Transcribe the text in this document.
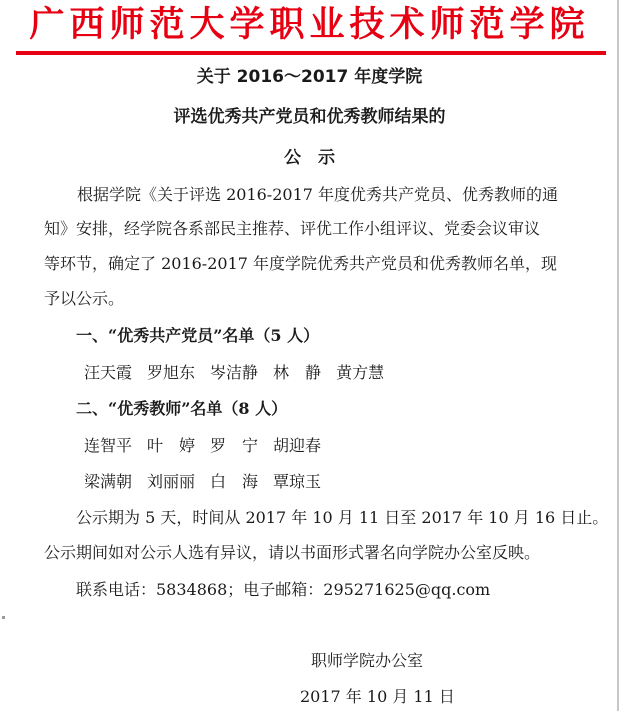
广西师范大学职业技术师范学院
关于 2016～2017 年度学院
评选优秀共产党员和优秀教师结果的
公　示
根据学院《关于评选 2016-2017 年度优秀共产党员、优秀教师的通
知》安排，经学院各系部民主推荐、评优工作小组评议、党委会议审议
等环节，确定了 2016-2017 年度学院优秀共产党员和优秀教师名单，现
予以公示。
一、“优秀共产党员”名单（5 人）
汪天霞 罗旭东 岑洁静 林　静 黄方慧
二、“优秀教师”名单（8 人）
连智平 叶　婷 罗　宁 胡迎春
梁满朝 刘丽丽 白　海 覃琼玉
公示期为 5 天，时间从 2017 年 10 月 11 日至 2017 年 10 月 16 日止。
公示期间如对公示人选有异议，请以书面形式署名向学院办公室反映。
联系电话：5834868；电子邮箱：295271625@qq.com
职师学院办公室
2017 年 10 月 11 日
